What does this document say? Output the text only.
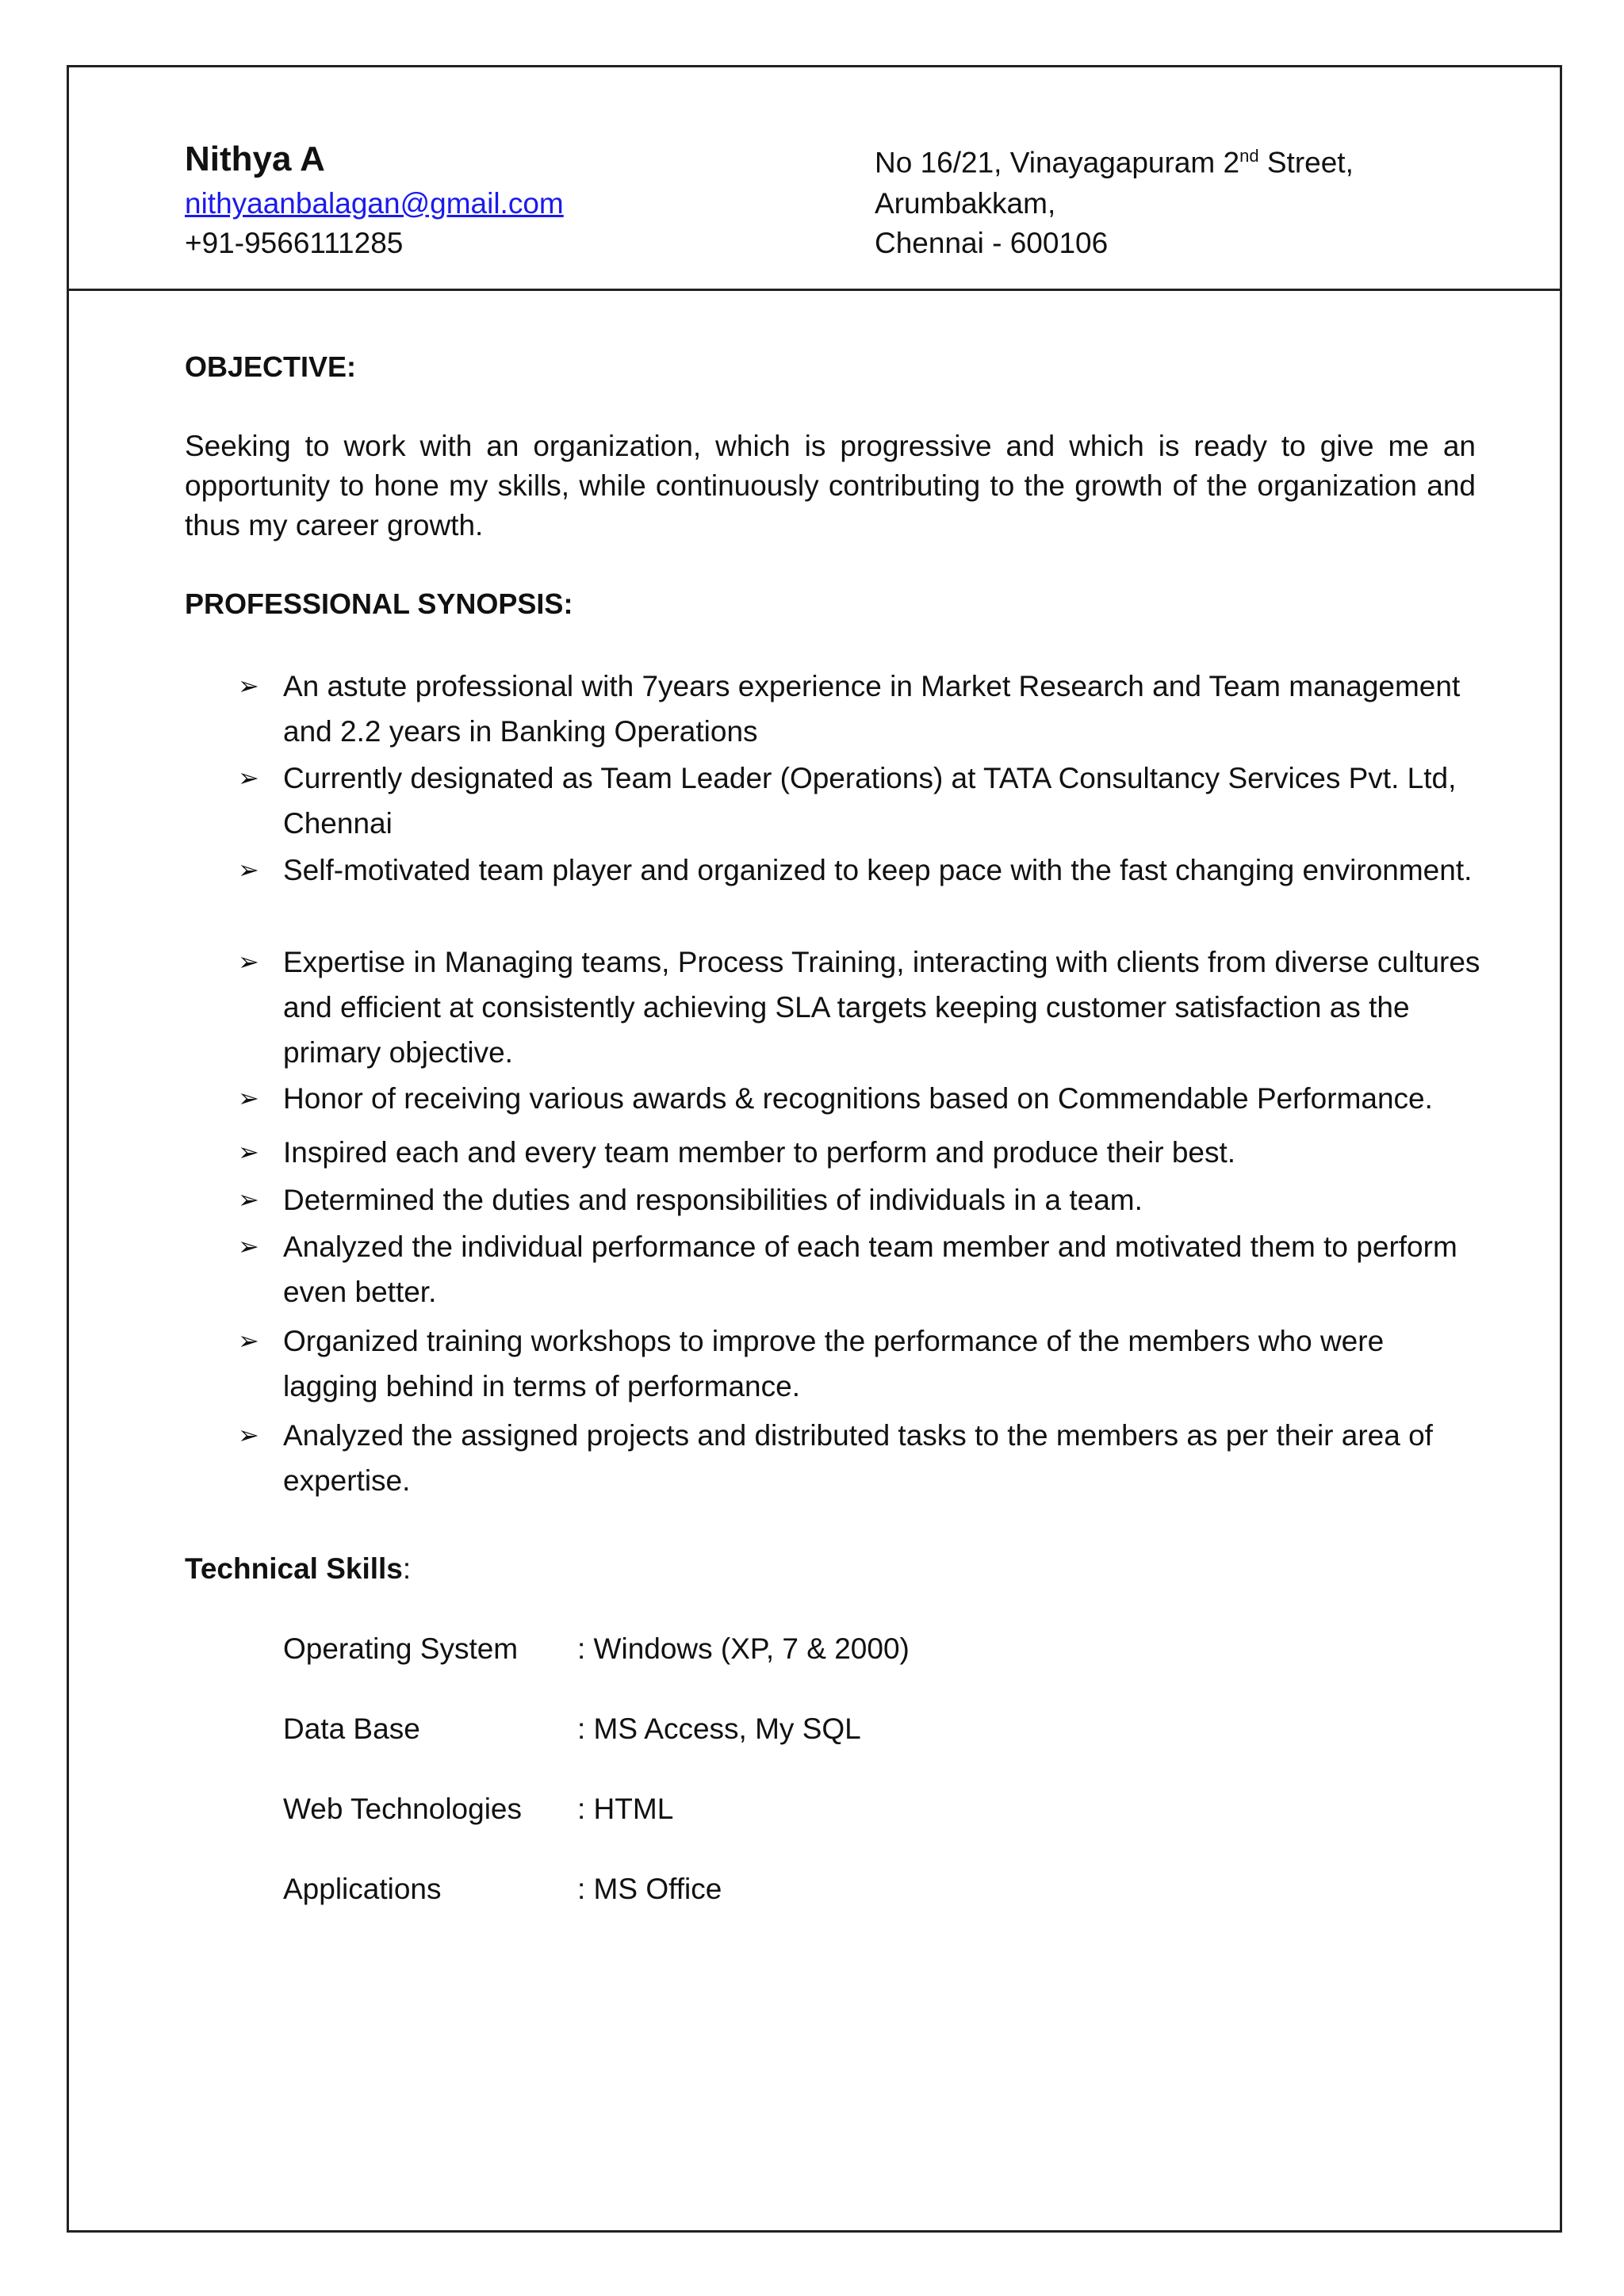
Nithya A
nithyaanbalagan@gmail.com
+91-9566111285
No 16/21, Vinayagapuram 2nd Street,
Arumbakkam,
Chennai - 600106
OBJECTIVE:
Seeking to work with an organization, which is progressive and which is ready to give me an opportunity to hone my skills, while continuously contributing to the growth of the organization and thus my career growth.
PROFESSIONAL SYNOPSIS:
➢ An astute professional with 7years experience in Market Research and Team management and 2.2 years in Banking Operations
➢ Currently designated as Team Leader (Operations) at TATA Consultancy Services Pvt. Ltd, Chennai
➢ Self-motivated team player and organized to keep pace with the fast changing environment.
➢ Expertise in Managing teams, Process Training, interacting with clients from diverse cultures and efficient at consistently achieving SLA targets keeping customer satisfaction as the primary objective.
➢ Honor of receiving various awards & recognitions based on Commendable Performance.
➢ Inspired each and every team member to perform and produce their best.
➢ Determined the duties and responsibilities of individuals in a team.
➢ Analyzed the individual performance of each team member and motivated them to perform even better.
➢ Organized training workshops to improve the performance of the members who were lagging behind in terms of performance.
➢ Analyzed the assigned projects and distributed tasks to the members as per their area of expertise.
Technical Skills:
Operating System : Windows (XP, 7 & 2000)
Data Base	: MS Access, My SQL
Web Technologies : HTML
Applications	: MS Office
